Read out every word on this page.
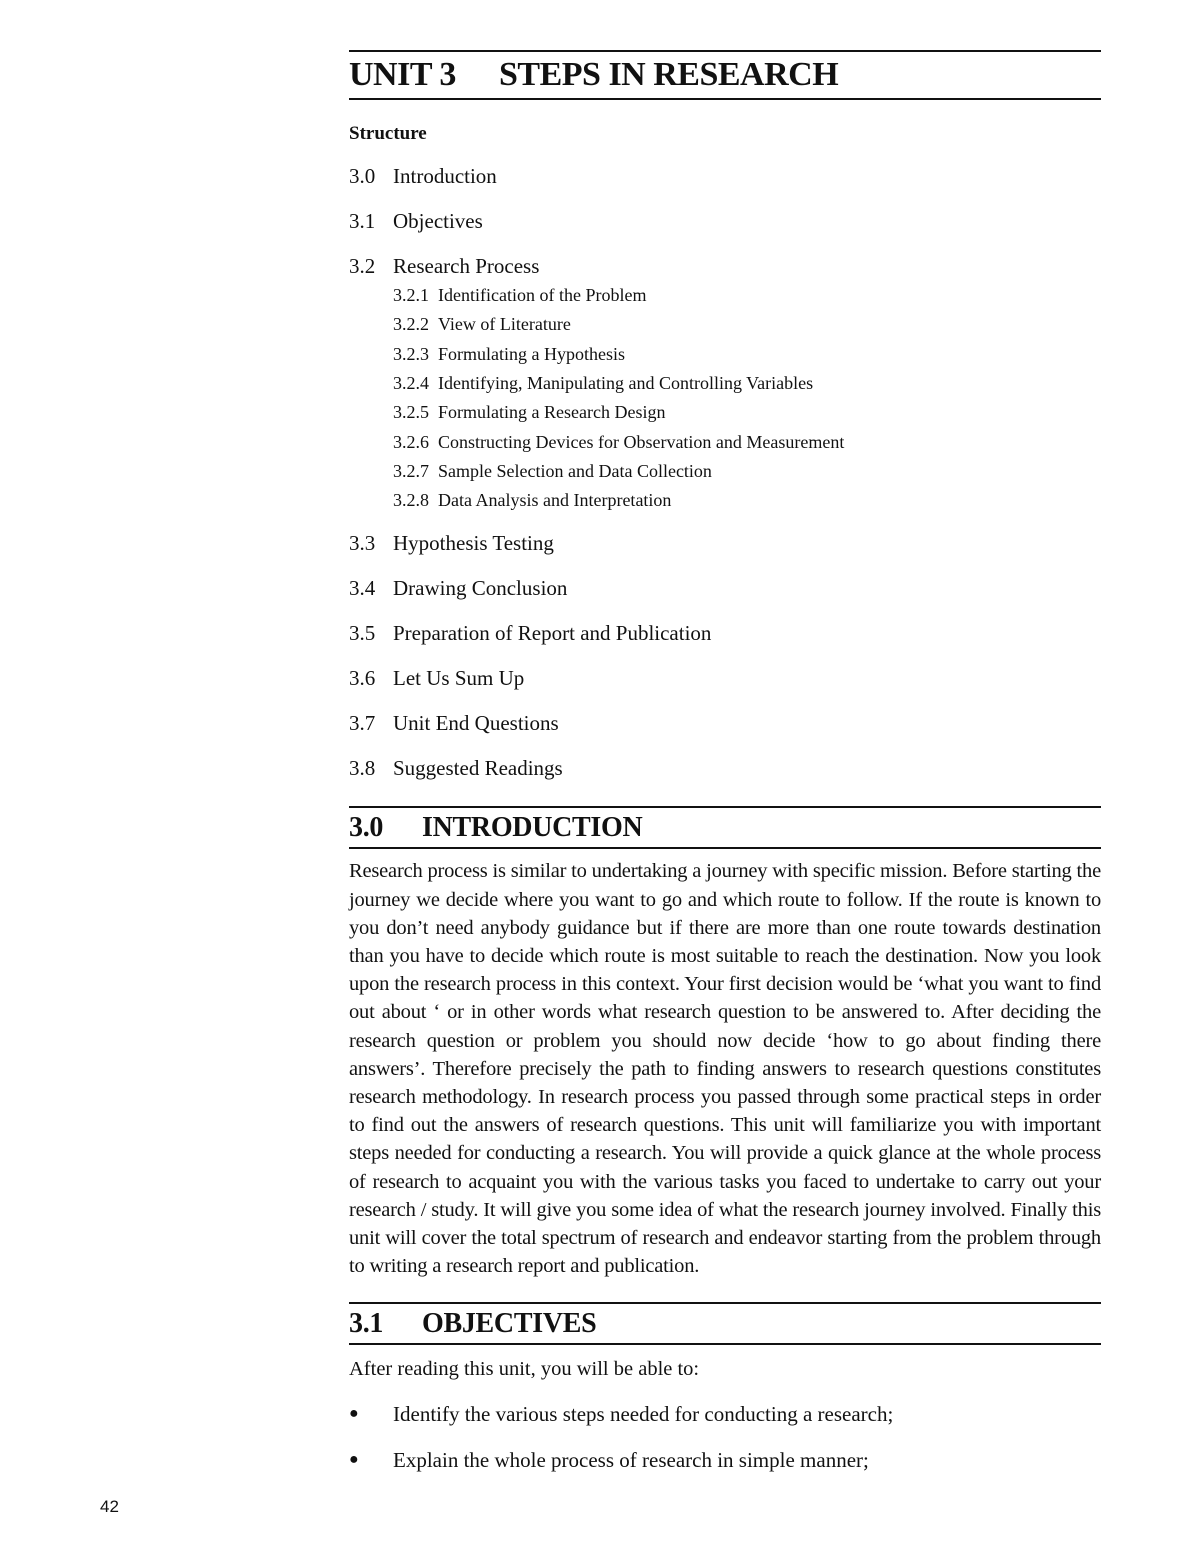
UNIT 3	STEPS IN RESEARCH
Structure
3.0 Introduction
3.1 Objectives
3.2 Research Process
3.2.1 Identification of the Problem
3.2.2 View of Literature
3.2.3 Formulating a Hypothesis
3.2.4 Identifying, Manipulating and Controlling Variables
3.2.5 Formulating a Research Design
3.2.6 Constructing Devices for Observation and Measurement
3.2.7 Sample Selection and Data Collection
3.2.8 Data Analysis and Interpretation
3.3 Hypothesis Testing
3.4 Drawing Conclusion
3.5 Preparation of Report and Publication
3.6 Let Us Sum Up
3.7 Unit End Questions
3.8 Suggested Readings
3.0	INTRODUCTION

Research process is similar to undertaking a journey with specific mission. Before starting the journey we decide where you want to go and which route to follow. If the route is known to you don’t need anybody guidance but if there are more than one route towards destination than you have to decide which route is most suitable to reach the destination. Now you look upon the research process in this context. Your first decision would be ‘what you want to find out about ‘ or in other words what research question to be answered to. After deciding the research question or problem you should now decide ‘how to go about finding there answers’. Therefore precisely the path to finding answers to research questions constitutes research methodology. In research process you passed through some practical steps in order to find out the answers of research questions. This unit will familiarize you with important steps needed for conducting a research. You will provide a quick glance at the whole process of research to acquaint you with the various tasks you faced to undertake to carry out your research / study. It will give you some idea of what the research journey involved. Finally this unit will cover the total spectrum of research and endeavor starting from the problem through to writing a research report and publication.

3.1	OBJECTIVES
After reading this unit, you will be able to:
●	Identify the various steps needed for conducting a research;
●	Explain the whole process of research in simple manner;
42
